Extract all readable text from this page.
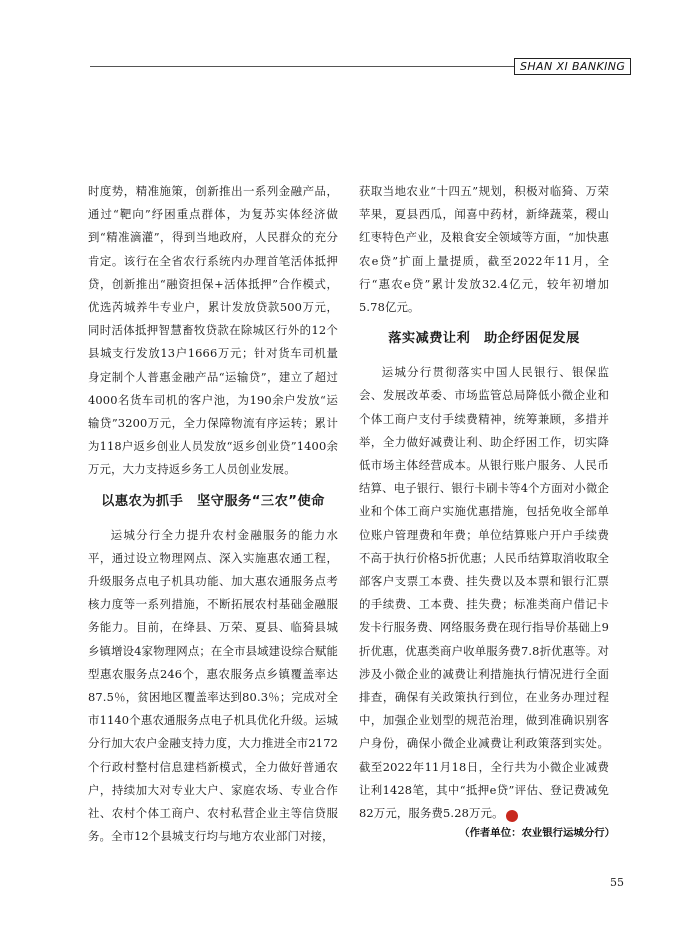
SHAN XI BANKING

时度势，精准施策，创新推出一系列金融产品，通过“靶向”纾困重点群体，为复苏实体经济做到“精准滴灌”，得到当地政府，人民群众的充分肯定。该行在全省农行系统内办理首笔活体抵押贷，创新推出“融资担保+活体抵押”合作模式，优选芮城养牛专业户，累计发放贷款500万元，同时活体抵押智慧畜牧贷款在除城区行外的12个县城支行发放13户1666万元；针对货车司机量身定制个人普惠金融产品“运输贷”，建立了超过4000名货车司机的客户池，为190余户发放“运输贷”3200万元，全力保障物流有序运转；累计为118户返乡创业人员发放“返乡创业贷”1400余万元，大力支持返乡务工人员创业发展。

以惠农为抓手　坚守服务“三农”使命

运城分行全力提升农村金融服务的能力水平，通过设立物理网点、深入实施惠农通工程，升级服务点电子机具功能、加大惠农通服务点考核力度等一系列措施，不断拓展农村基础金融服务能力。目前，在绛县、万荣、夏县、临猗县城乡镇增设4家物理网点；在全市县域建设综合赋能型惠农服务点246个，惠农服务点乡镇覆盖率达87.5％，贫困地区覆盖率达到80.3％；完成对全市1140个惠农通服务点电子机具优化升级。运城分行加大农户金融支持力度，大力推进全市2172个行政村整村信息建档新模式，全力做好普通农户，持续加大对专业大户、家庭农场、专业合作社、农村个体工商户、农村私营企业主等信贷服务。全市12个县城支行均与地方农业部门对接，

获取当地农业“十四五”规划，积极对临猗、万荣苹果，夏县西瓜，闻喜中药材，新绛蔬菜，稷山红枣特色产业，及粮食安全领域等方面，“加快惠农e贷”扩面上量提质，截至2022年11月，全行“惠农e贷”累计发放32.4亿元，较年初增加5.78亿元。

落实减费让利　助企纾困促发展

运城分行贯彻落实中国人民银行、银保监会、发展改革委、市场监管总局降低小微企业和个体工商户支付手续费精神，统筹兼顾，多措并举，全力做好减费让利、助企纾困工作，切实降低市场主体经营成本。从银行账户服务、人民币结算、电子银行、银行卡刷卡等4个方面对小微企业和个体工商户实施优惠措施，包括免收全部单位账户管理费和年费；单位结算账户开户手续费不高于执行价格5折优惠；人民币结算取消收取全部客户支票工本费、挂失费以及本票和银行汇票的手续费、工本费、挂失费；标准类商户借记卡发卡行服务费、网络服务费在现行指导价基础上9折优惠，优惠类商户收单服务费7.8折优惠等。对涉及小微企业的减费让利措施执行情况进行全面排查，确保有关政策执行到位，在业务办理过程中，加强企业划型的规范治理，做到准确识别客户身份，确保小微企业减费让利政策落到实处。截至2022年11月18日，全行共为小微企业减费让利1428笔，其中“抵押e贷”评估、登记费减免82万元，服务费5.28万元。	金

（作者单位：农业银行运城分行）
55
